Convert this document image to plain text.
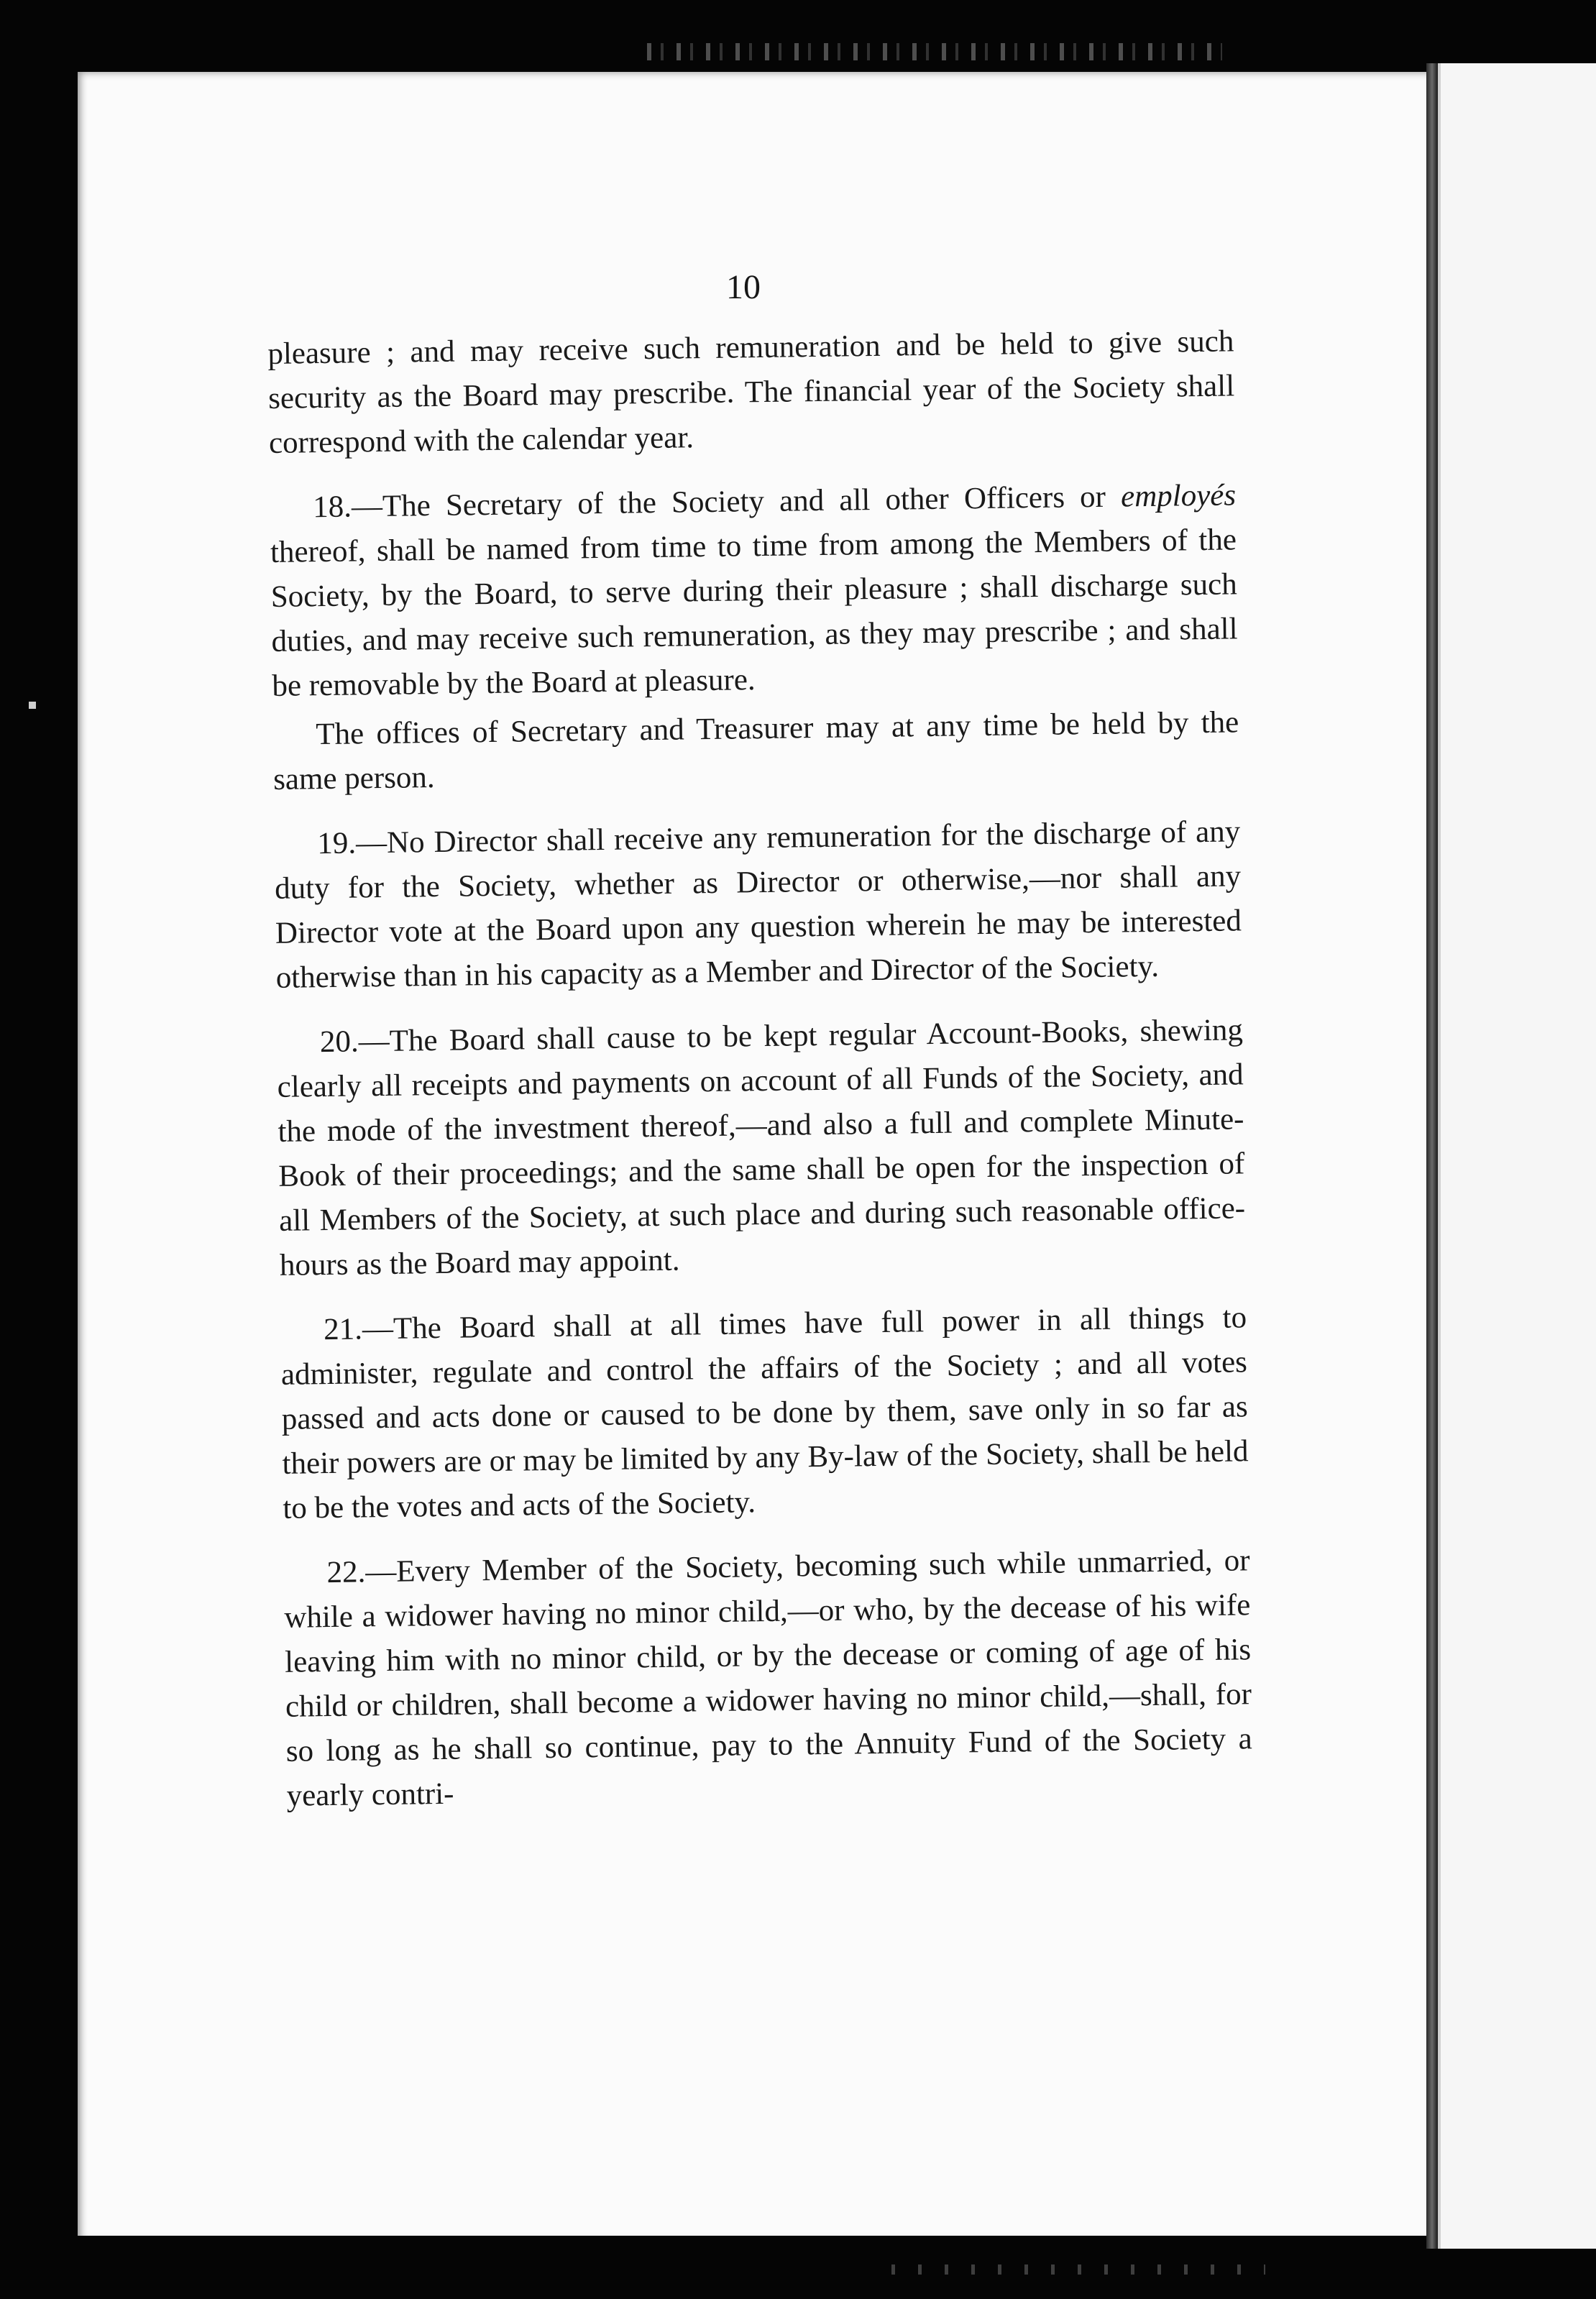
10

pleasure ; and may receive such remuneration and be held to give such security as the Board may prescribe. The financial year of the Society shall correspond with the calendar year.

18.—The Secretary of the Society and all other Officers or employés thereof, shall be named from time to time from among the Members of the Society, by the Board, to serve during their pleasure ; shall discharge such duties, and may receive such remuneration, as they may prescribe ; and shall be removable by the Board at pleasure.

The offices of Secretary and Treasurer may at any time be held by the same person.

19.—No Director shall receive any remuneration for the discharge of any duty for the Society, whether as Director or otherwise,—nor shall any Director vote at the Board upon any question wherein he may be interested otherwise than in his capacity as a Member and Director of the Society.

20.—The Board shall cause to be kept regular Account-Books, shewing clearly all receipts and payments on account of all Funds of the Society, and the mode of the investment thereof,—and also a full and complete Minute-Book of their proceedings; and the same shall be open for the inspection of all Members of the Society, at such place and during such reasonable office-hours as the Board may appoint.

21.—The Board shall at all times have full power in all things to administer, regulate and control the affairs of the Society ; and all votes passed and acts done or caused to be done by them, save only in so far as their powers are or may be limited by any By-law of the Society, shall be held to be the votes and acts of the Society.

22.—Every Member of the Society, becoming such while unmarried, or while a widower having no minor child,—or who, by the decease of his wife leaving him with no minor child, or by the decease or coming of age of his child or children, shall become a widower having no minor child,—shall, for so long as he shall so continue, pay to the Annuity Fund of the Society a yearly contri-
